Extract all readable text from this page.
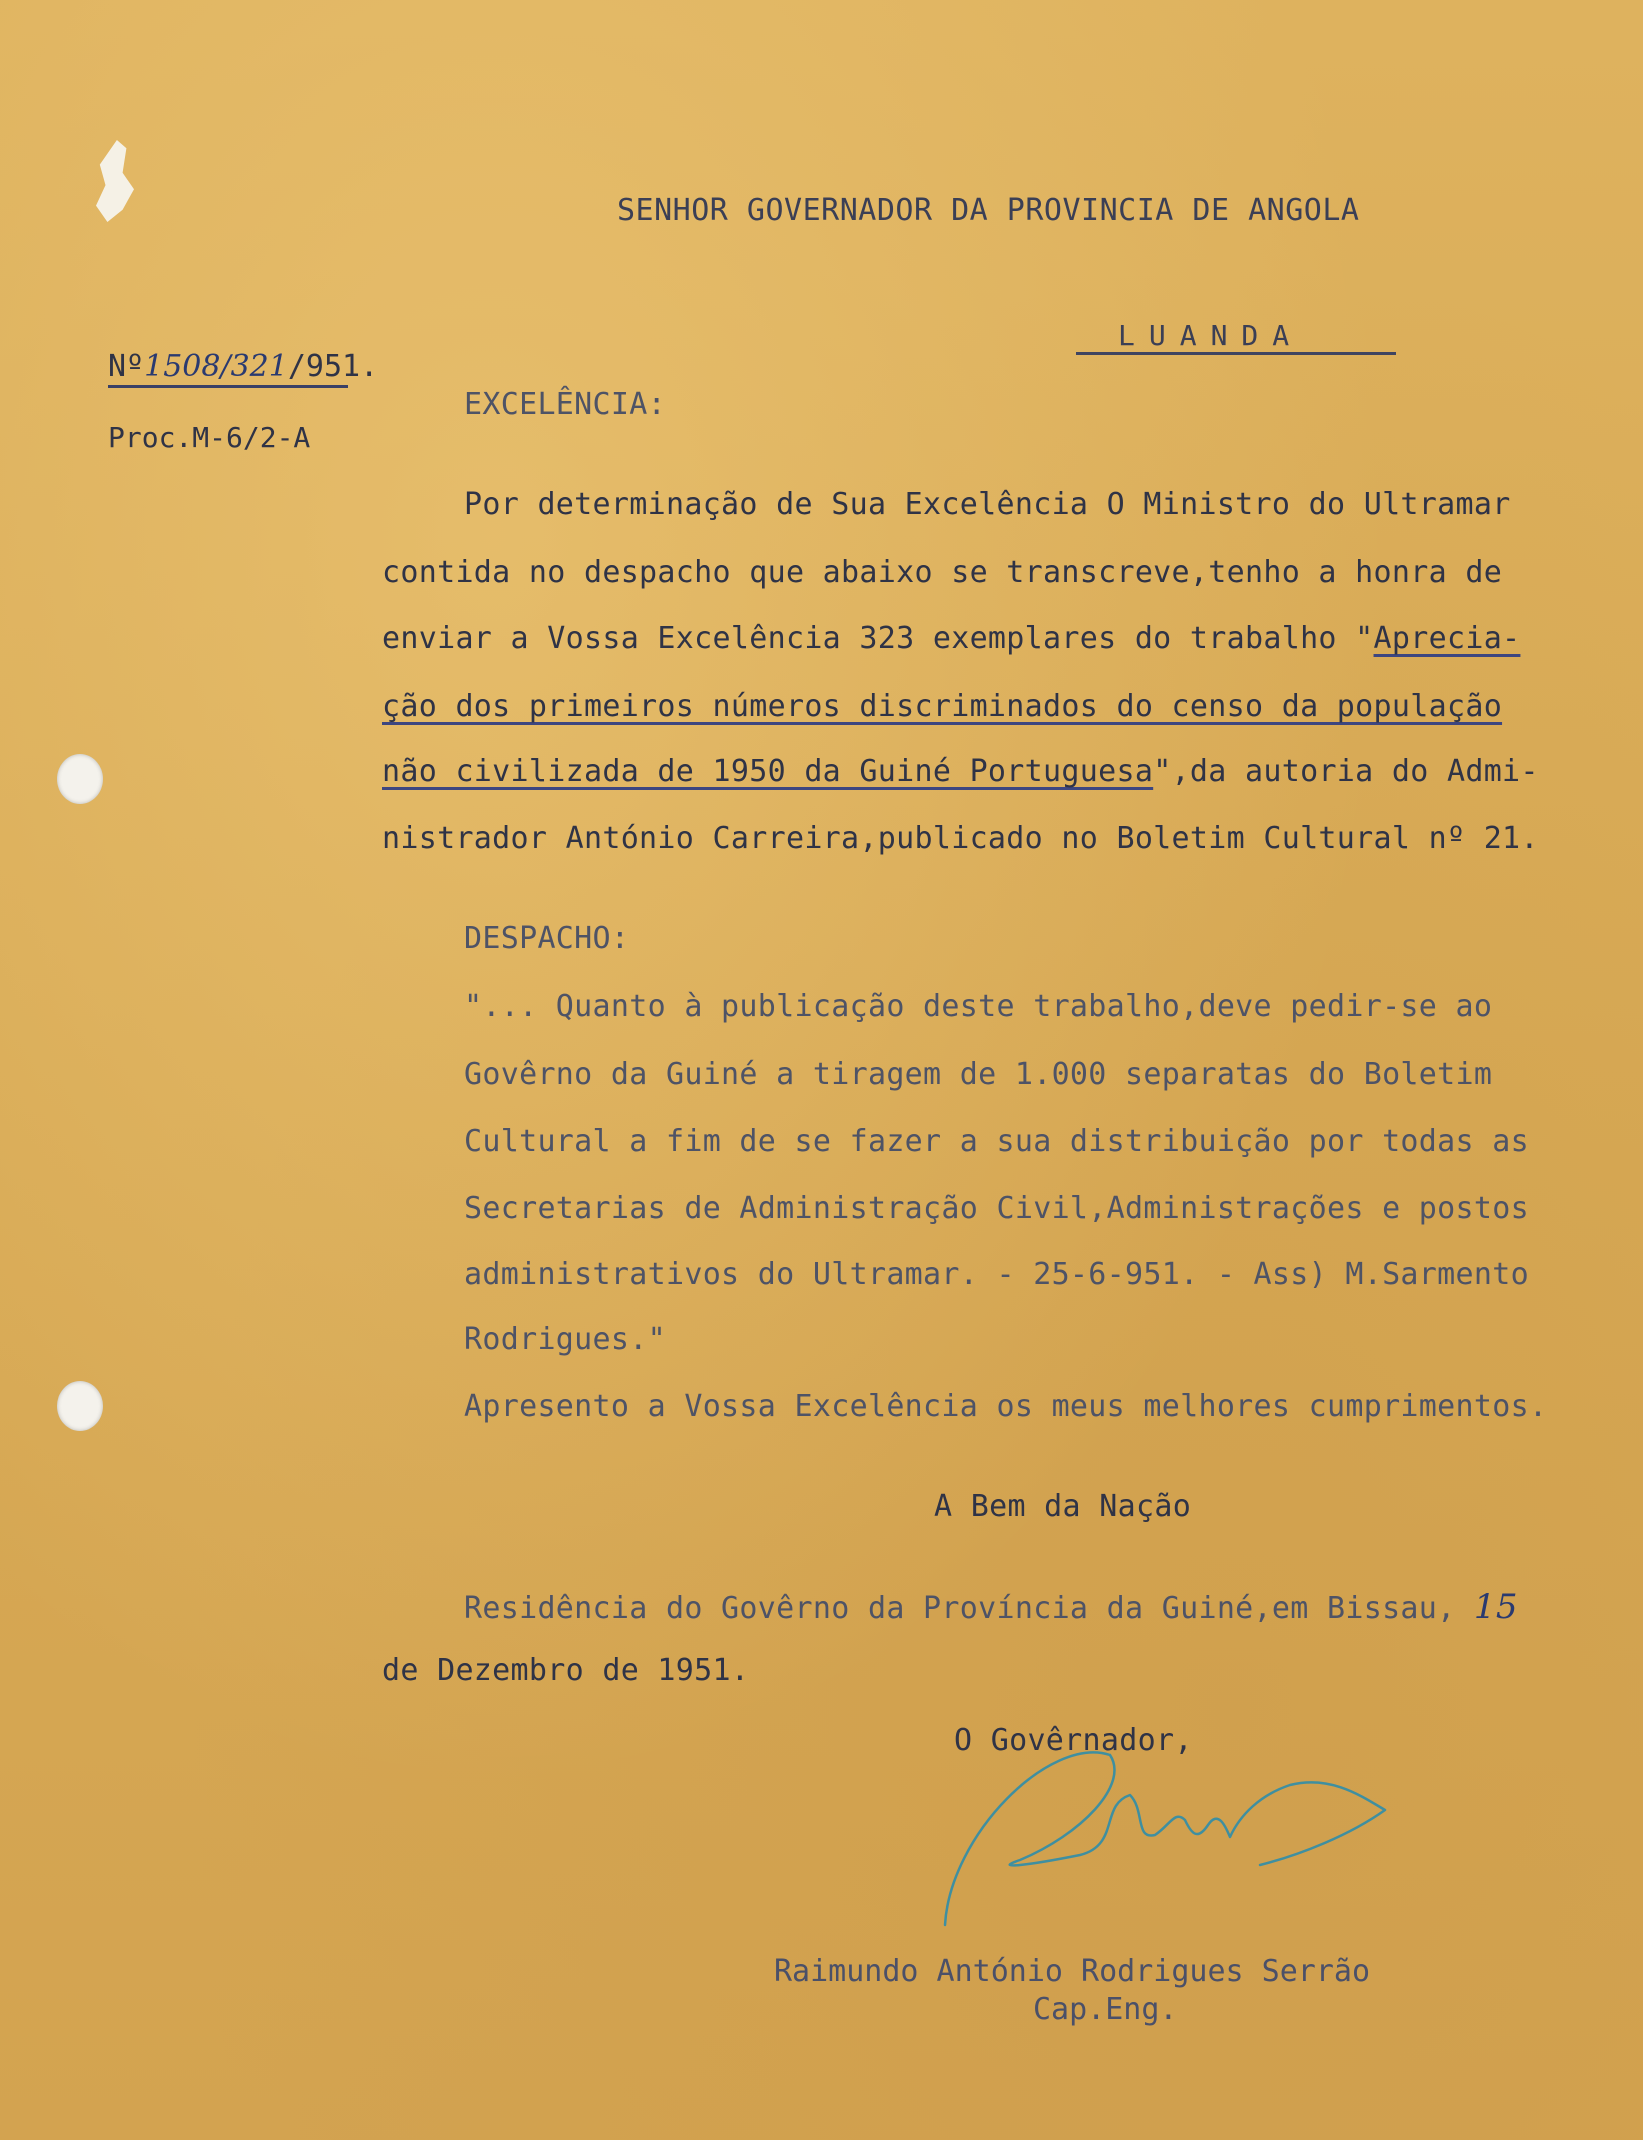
SENHOR GOVERNADOR DA PROVINCIA DE ANGOLA
LUANDA
Nº1508/321/951.
Proc.M-6/2-A
EXCELÊNCIA:
Por determinação de Sua Excelência O Ministro do Ultramar
contida no despacho que abaixo se transcreve,tenho a honra de
enviar a Vossa Excelência 323 exemplares do trabalho "Aprecia-
ção dos primeiros números discriminados do censo da população
não civilizada de 1950 da Guiné Portuguesa",da autoria do Admi-
nistrador António Carreira,publicado no Boletim Cultural nº 21.
DESPACHO:
"... Quanto à publicação deste trabalho,deve pedir-se ao
Govêrno da Guiné a tiragem de 1.000 separatas do Boletim
Cultural a fim de se fazer a sua distribuição por todas as
Secretarias de Administração Civil,Administrações e postos
administrativos do Ultramar. - 25-6-951. - Ass) M.Sarmento
Rodrigues."
Apresento a Vossa Excelência os meus melhores cumprimentos.
A Bem da Nação
Residência do Govêrno da Província da Guiné,em Bissau, 15
de Dezembro de 1951.
O Govêrnador,
Raimundo António Rodrigues Serrão
Cap.Eng.
